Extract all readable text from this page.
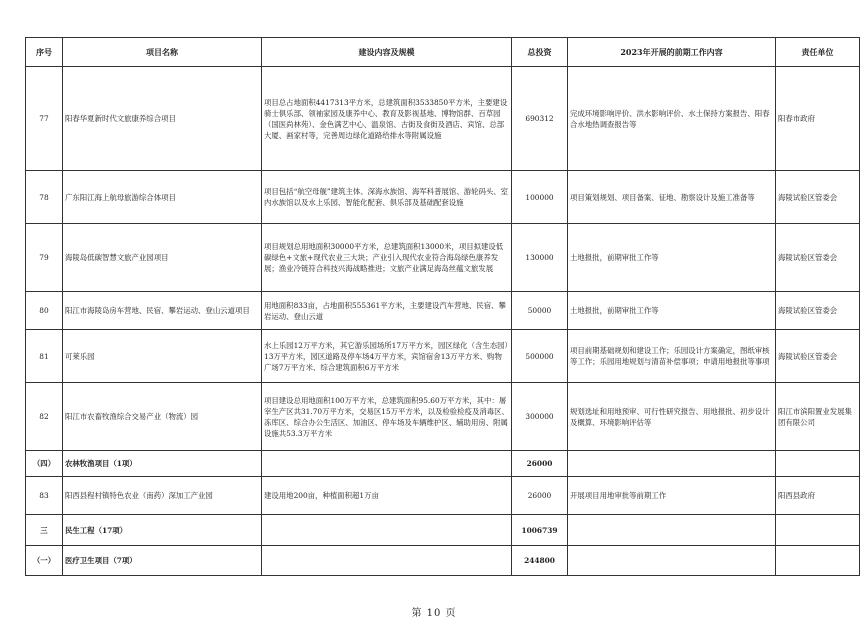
序号	项目名称	建设内容及规模	总投资	2023年开展的前期工作内容	责任单位
77	阳春华夏新时代文旅康养综合项目	项目总占地面积4417313平方米，总建筑面积3533850平方米，主要建设骑士俱乐部、领袖家园及康养中心、教育及影视基地、博物馆群、百草园（国医尚林苑）、金色满艺中心、温泉馆、古街及食街及酒店、宾馆、总部大厦、画家村等，完善周边绿化道路给排水等附属设施	690312	完成环境影响评价、洪水影响评价、水土保持方案报告、阳春合水地热调查报告等	阳春市政府
78	广东阳江海上航母旅游综合体项目	项目包括“航空母舰”建筑主体、深海水族馆、海军科普展馆、游轮码头、室内水族馆以及水上乐园、智能化配套、俱乐部及基础配套设施	100000	项目策划规划、项目备案、征地、勘察设计及施工准备等	海陵试验区管委会
79	海陵岛低碳智慧文旅产业园项目	项目规划总用地面积30000平方米，总建筑面积13000米，项目拟建设低碳绿色+文旅+现代农业三大块；产业引入现代农业符合海岛绿色康养发展；渔业冷链符合科技兴海战略推进；文旅产业满足海岛丝蕴文旅发展	130000	土地报批，前期审批工作等	海陵试验区管委会
80	阳江市海陵岛房车营地、民宿、攀岩运动、登山云道项目	用地面积833亩，占地面积555361平方米，主要建设汽车营地、民宿、攀岩运动、登山云道	50000	土地报批，前期审批工作等	海陵试验区管委会
81	可莱乐园	水上乐园12万平方米，其它游乐园场所17万平方米，园区绿化（含生态园）13万平方米，园区道路及停车场4万平方米，宾馆宿舍13万平方米、购物广场7万平方米、综合建筑面积6万平方米	500000	项目前期基础规划和建设工作；乐园设计方案确定，图纸审核等工作；乐园用地规划与清苗补偿事项；申请用地报批等事项	海陵试验区管委会
82	阳江市农畜牧渔综合交易产业（物流）园	项目建设总用地面积100万平方米，总建筑面积95.60万平方米，其中：屠宰生产区共31.70万平方米，交易区15万平方米，以及检验检疫及消毒区、冻库区、综合办公生活区、加油区、停车场及车辆维护区、辅助用房、附属设施共53.3万平方米	300000	规划选址和用地预审、可行性研究报告、用地报批、初步设计及概算、环境影响评估等	阳江市滨阳置业发展集团有限公司
（四）	农林牧渔项目（1项）		26000		
83	阳西县程村镇特色农业（南药）深加工产业园	建设用地200亩，种植面积超1万亩	26000	开展项目用地审批等前期工作	阳西县政府
三	民生工程（17项）		1006739		
（一）	医疗卫生项目（7项）		244800		
第 10 页
